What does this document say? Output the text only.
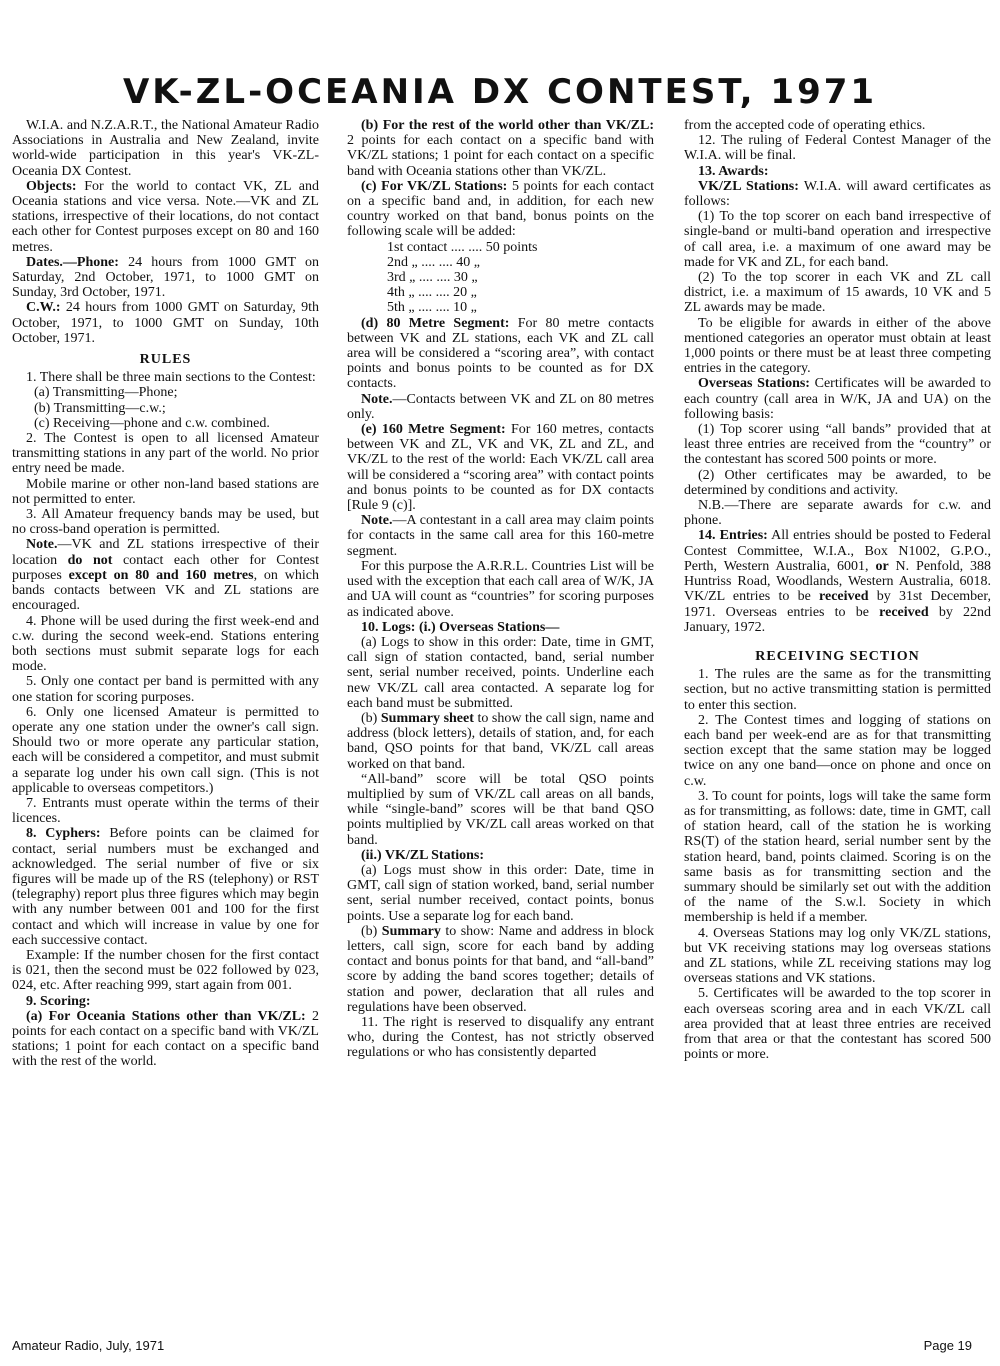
VK-ZL-OCEANIA DX CONTEST, 1971

W.I.A. and N.Z.A.R.T., the National Amateur Radio Associations in Australia and New Zealand, invite world-wide participation in this year's VK-ZL-Oceania DX Contest.

Objects: For the world to contact VK, ZL and Oceania stations and vice versa. Note.—VK and ZL stations, irrespective of their locations, do not contact each other for Contest purposes except on 80 and 160 metres.

Dates.—Phone: 24 hours from 1000 GMT on Saturday, 2nd October, 1971, to 1000 GMT on Sunday, 3rd October, 1971.

C.W.: 24 hours from 1000 GMT on Saturday, 9th October, 1971, to 1000 GMT on Sunday, 10th October, 1971.

RULES

1. There shall be three main sections to the Contest:

(a) Transmitting—Phone;

(b) Transmitting—c.w.;

(c) Receiving—phone and c.w. combined.

2. The Contest is open to all licensed Amateur transmitting stations in any part of the world. No prior entry need be made.

Mobile marine or other non-land based stations are not permitted to enter.

3. All Amateur frequency bands may be used, but no cross-band operation is permitted.

Note.—VK and ZL stations irrespective of their location do not contact each other for Contest purposes except on 80 and 160 metres, on which bands contacts between VK and ZL stations are encouraged.

4. Phone will be used during the first week-end and c.w. during the second week-end. Stations entering both sections must submit separate logs for each mode.

5. Only one contact per band is permitted with any one station for scoring purposes.

6. Only one licensed Amateur is permitted to operate any one station under the owner's call sign. Should two or more operate any particular station, each will be considered a competitor, and must submit a separate log under his own call sign. (This is not applicable to overseas competitors.)

7. Entrants must operate within the terms of their licences.

8. Cyphers: Before points can be claimed for contact, serial numbers must be exchanged and acknowledged. The serial number of five or six figures will be made up of the RS (telephony) or RST (telegraphy) report plus three figures which may begin with any number between 001 and 100 for the first contact and which will increase in value by one for each successive contact.

Example: If the number chosen for the first contact is 021, then the second must be 022 followed by 023, 024, etc. After reaching 999, start again from 001.

9. Scoring:

(a) For Oceania Stations other than VK/ZL: 2 points for each contact on a specific band with VK/ZL stations; 1 point for each contact on a specific band with the rest of the world.

(b) For the rest of the world other than VK/ZL: 2 points for each contact on a specific band with VK/ZL stations; 1 point for each contact on a specific band with Oceania stations other than VK/ZL.

(c) For VK/ZL Stations: 5 points for each contact on a specific band and, in addition, for each new country worked on that band, bonus points on the following scale will be added:

1st contact .... .... 50 points

2nd „ .... .... 40 „

3rd „ .... .... 30 „

4th „ .... .... 20 „

5th „ .... .... 10 „

(d) 80 Metre Segment: For 80 metre contacts between VK and ZL stations, each VK and ZL call area will be considered a “scoring area”, with contact points and bonus points to be counted as for DX contacts.

Note.—Contacts between VK and ZL on 80 metres only.

(e) 160 Metre Segment: For 160 metres, contacts between VK and ZL, VK and VK, ZL and ZL, and VK/ZL to the rest of the world: Each VK/ZL call area will be considered a “scoring area” with contact points and bonus points to be counted as for DX contacts [Rule 9 (c)].

Note.—A contestant in a call area may claim points for contacts in the same call area for this 160-metre segment.

For this purpose the A.R.R.L. Countries List will be used with the exception that each call area of W/K, JA and UA will count as “countries” for scoring purposes as indicated above.

10. Logs: (i.) Overseas Stations—

(a) Logs to show in this order: Date, time in GMT, call sign of station contacted, band, serial number sent, serial number received, points. Underline each new VK/ZL call area contacted. A separate log for each band must be submitted.

(b) Summary sheet to show the call sign, name and address (block letters), details of station, and, for each band, QSO points for that band, VK/ZL call areas worked on that band.

“All-band” score will be total QSO points multiplied by sum of VK/ZL call areas on all bands, while “single-band” scores will be that band QSO points multiplied by VK/ZL call areas worked on that band.

(ii.) VK/ZL Stations:

(a) Logs must show in this order: Date, time in GMT, call sign of station worked, band, serial number sent, serial number received, contact points, bonus points. Use a separate log for each band.

(b) Summary to show: Name and address in block letters, call sign, score for each band by adding contact and bonus points for that band, and “all-band” score by adding the band scores together; details of station and power, declaration that all rules and regulations have been observed.

11. The right is reserved to disqualify any entrant who, during the Contest, has not strictly observed regulations or who has consistently departed

from the accepted code of operating ethics.

12. The ruling of Federal Contest Manager of the W.I.A. will be final.

13. Awards:

VK/ZL Stations: W.I.A. will award certificates as follows:

(1) To the top scorer on each band irrespective of single-band or multi-band operation and irrespective of call area, i.e. a maximum of one award may be made for VK and ZL, for each band.

(2) To the top scorer in each VK and ZL call district, i.e. a maximum of 15 awards, 10 VK and 5 ZL awards may be made.

To be eligible for awards in either of the above mentioned categories an operator must obtain at least 1,000 points or there must be at least three competing entries in the category.

Overseas Stations: Certificates will be awarded to each country (call area in W/K, JA and UA) on the following basis:

(1) Top scorer using “all bands” provided that at least three entries are received from the “country” or the contestant has scored 500 points or more.

(2) Other certificates may be awarded, to be determined by conditions and activity.

N.B.—There are separate awards for c.w. and phone.

14. Entries: All entries should be posted to Federal Contest Committee, W.I.A., Box N1002, G.P.O., Perth, Western Australia, 6001, or N. Penfold, 388 Huntriss Road, Woodlands, Western Australia, 6018. VK/ZL entries to be received by 31st December, 1971. Overseas entries to be received by 22nd January, 1972.

RECEIVING SECTION

1. The rules are the same as for the transmitting section, but no active transmitting station is permitted to enter this section.

2. The Contest times and logging of stations on each band per week-end are as for that transmitting section except that the same station may be logged twice on any one band—once on phone and once on c.w.

3. To count for points, logs will take the same form as for transmitting, as follows: date, time in GMT, call of station heard, call of the station he is working RS(T) of the station heard, serial number sent by the station heard, band, points claimed. Scoring is on the same basis as for transmitting section and the summary should be similarly set out with the addition of the name of the S.w.l. Society in which membership is held if a member.

4. Overseas Stations may log only VK/ZL stations, but VK receiving stations may log overseas stations and ZL stations, while ZL receiving stations may log overseas stations and VK stations.

5. Certificates will be awarded to the top scorer in each overseas scoring area and in each VK/ZL call area provided that at least three entries are received from that area or that the contestant has scored 500 points or more.

Amateur Radio, July, 1971	Page 19
